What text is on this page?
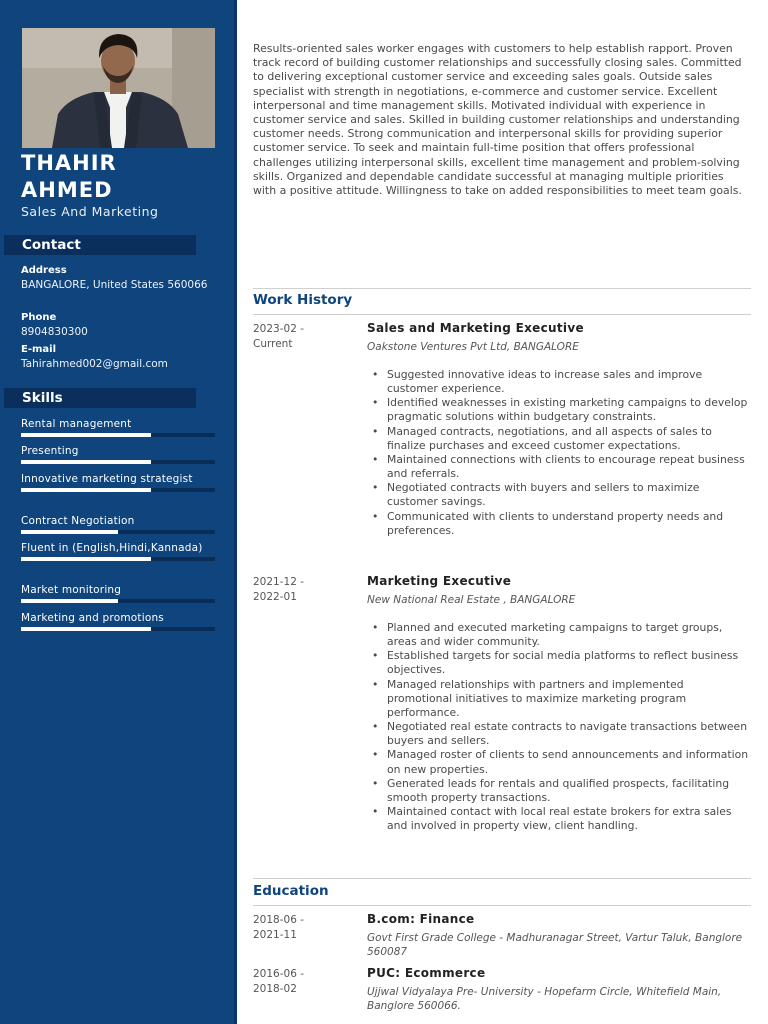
THAHIR
AHMED
Sales And Marketing
Contact
Address
BANGALORE, United States 560066
Phone
8904830300
E-mail
Tahirahmed002@gmail.com
Skills
Rental management
Presenting
Innovative marketing strategist
Contract Negotiation
Fluent in (English,Hindi,Kannada)
Market monitoring
Marketing and promotions
Results-oriented sales worker engages with customers to help establish rapport. Proven track record of building customer relationships and successfully closing sales. Committed to delivering exceptional customer service and exceeding sales goals. Outside sales specialist with strength in negotiations, e-commerce and customer service. Excellent interpersonal and time management skills. Motivated individual with experience in customer service and sales. Skilled in building customer relationships and understanding customer needs. Strong communication and interpersonal skills for providing superior customer service. To seek and maintain full-time position that offers professional challenges utilizing interpersonal skills, excellent time management and problem-solving skills. Organized and dependable candidate successful at managing multiple priorities with a positive attitude. Willingness to take on added responsibilities to meet team goals.
Work History
2023-02 -
Current
Sales and Marketing Executive
Oakstone Ventures Pvt Ltd, BANGALORE
• Suggested innovative ideas to increase sales and improve customer experience.
• Identified weaknesses in existing marketing campaigns to develop pragmatic solutions within budgetary constraints.
• Managed contracts, negotiations, and all aspects of sales to finalize purchases and exceed customer expectations.
• Maintained connections with clients to encourage repeat business and referrals.
• Negotiated contracts with buyers and sellers to maximize customer savings.
• Communicated with clients to understand property needs and preferences.
2021-12 -
2022-01
Marketing Executive
New National Real Estate , BANGALORE
• Planned and executed marketing campaigns to target groups, areas and wider community.
• Established targets for social media platforms to reflect business objectives.
• Managed relationships with partners and implemented promotional initiatives to maximize marketing program performance.
• Negotiated real estate contracts to navigate transactions between buyers and sellers.
• Managed roster of clients to send announcements and information on new properties.
• Generated leads for rentals and qualified prospects, facilitating smooth property transactions.
• Maintained contact with local real estate brokers for extra sales and involved in property view, client handling.
Education
2018-06 -
2021-11
B.com: Finance
Govt First Grade College - Madhuranagar Street, Vartur Taluk, Banglore 560087
2016-06 -
2018-02
PUC: Ecommerce
Ujjwal Vidyalaya Pre- University - Hopefarm Circle, Whitefield Main, Banglore 560066.
